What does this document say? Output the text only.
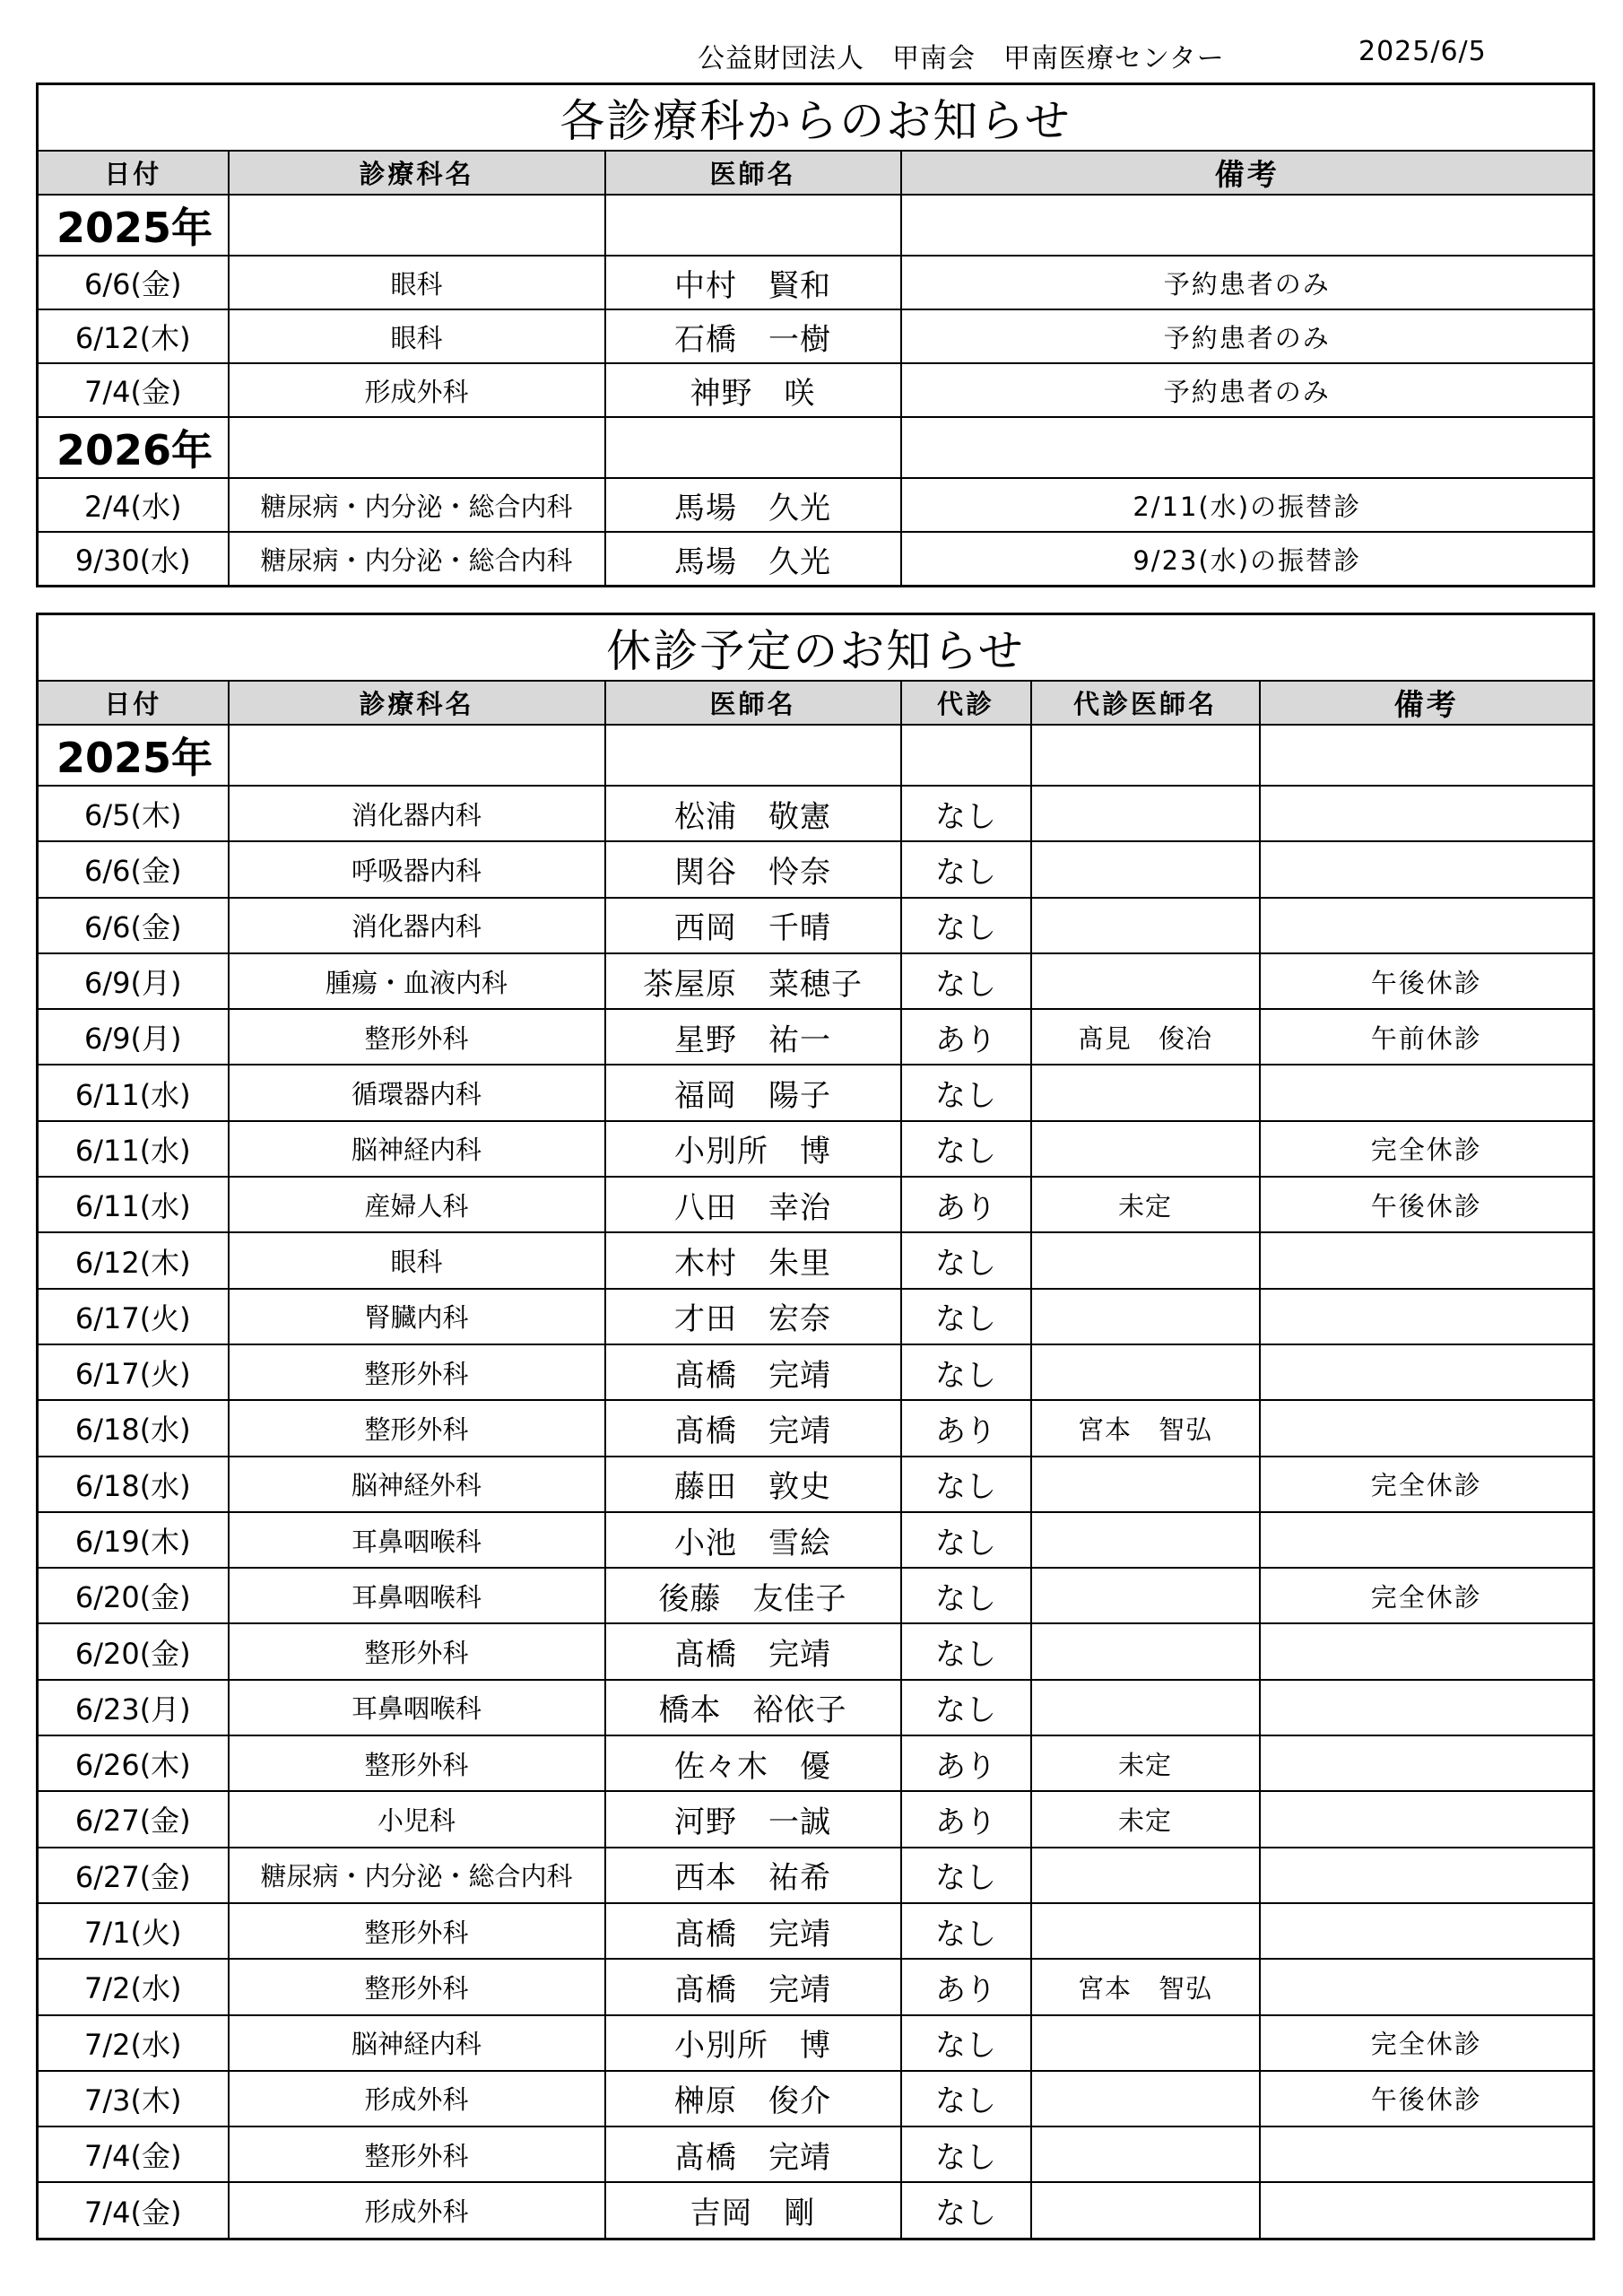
公益財団法人　甲南会　甲南医療センター	2025/6/5
各診療科からのお知らせ			
日付	診療科名	医師名	備考
2025年			
6/6(金)	眼科	中村　賢和	予約患者のみ
6/12(木)	眼科	石橋　一樹	予約患者のみ
7/4(金)	形成外科	神野　咲	予約患者のみ
2026年			
2/4(水)	糖尿病・内分泌・総合内科	馬場　久光	2/11(水)の振替診
9/30(水)	糖尿病・内分泌・総合内科	馬場　久光	9/23(水)の振替診
休診予定のお知らせ					
日付	診療科名	医師名	代診	代診医師名	備考
2025年					
6/5(木)	消化器内科	松浦　敬憲	なし		
6/6(金)	呼吸器内科	関谷　怜奈	なし		
6/6(金)	消化器内科	西岡　千晴	なし		
6/9(月)	腫瘍・血液内科	茶屋原　菜穂子	なし		午後休診
6/9(月)	整形外科	星野　祐一	あり	髙見　俊冶	午前休診
6/11(水)	循環器内科	福岡　陽子	なし		
6/11(水)	脳神経内科	小別所　博	なし		完全休診
6/11(水)	産婦人科	八田　幸治	あり	未定	午後休診
6/12(木)	眼科	木村　朱里	なし		
6/17(火)	腎臓内科	才田　宏奈	なし		
6/17(火)	整形外科	髙橋　完靖	なし		
6/18(水)	整形外科	髙橋　完靖	あり	宮本　智弘	
6/18(水)	脳神経外科	藤田　敦史	なし		完全休診
6/19(木)	耳鼻咽喉科	小池　雪絵	なし		
6/20(金)	耳鼻咽喉科	後藤　友佳子	なし		完全休診
6/20(金)	整形外科	髙橋　完靖	なし		
6/23(月)	耳鼻咽喉科	橋本　裕依子	なし		
6/26(木)	整形外科	佐々木　優	あり	未定	
6/27(金)	小児科	河野　一誠	あり	未定	
6/27(金)	糖尿病・内分泌・総合内科	西本　祐希	なし		
7/1(火)	整形外科	髙橋　完靖	なし		
7/2(水)	整形外科	髙橋　完靖	あり	宮本　智弘	
7/2(水)	脳神経内科	小別所　博	なし		完全休診
7/3(木)	形成外科	榊原　俊介	なし		午後休診
7/4(金)	整形外科	髙橋　完靖	なし		
7/4(金)	形成外科	吉岡　剛	なし		
